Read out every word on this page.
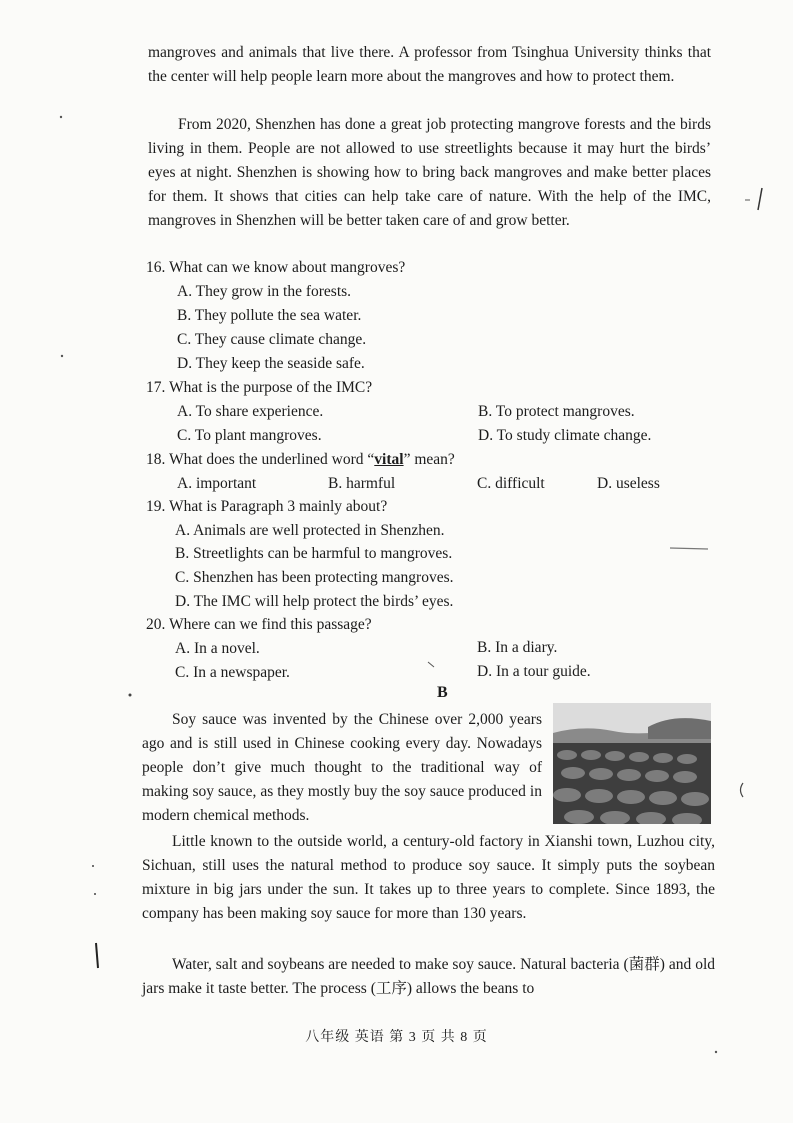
mangroves and animals that live there. A professor from Tsinghua University thinks that the center will help people learn more about the mangroves and how to protect them.

From 2020, Shenzhen has done a great job protecting mangrove forests and the birds living in them. People are not allowed to use streetlights because it may hurt the birds’ eyes at night. Shenzhen is showing how to bring back mangroves and make better places for them. It shows that cities can help take care of nature. With the help of the IMC, mangroves in Shenzhen will be better taken care of and grow better.

16. What can we know about mangroves?
A. They grow in the forests.
B. They pollute the sea water.
C. They cause climate change.
D. They keep the seaside safe.
17. What is the purpose of the IMC?
A. To share experience.	B. To protect mangroves.
C. To plant mangroves.	D. To study climate change.
18. What does the underlined word “vital” mean?
A. important	B. harmful	C. difficult	D. useless
19. What is Paragraph 3 mainly about?
A. Animals are well protected in Shenzhen.
B. Streetlights can be harmful to mangroves.
C. Shenzhen has been protecting mangroves.
D. The IMC will help protect the birds’ eyes.
20. Where can we find this passage?
A. In a novel.	B. In a diary.
C. In a newspaper.	D. In a tour guide.
B

Soy sauce was invented by the Chinese over 2,000 years ago and is still used in Chinese cooking every day. Nowadays people don’t give much thought to the traditional way of making soy sauce, as they mostly buy the soy sauce produced in modern chemical methods.

Little known to the outside world, a century-old factory in Xianshi town, Luzhou city, Sichuan, still uses the natural method to produce soy sauce. It simply puts the soybean mixture in big jars under the sun. It takes up to three years to complete. Since 1893, the company has been making soy sauce for more than 130 years.

Water, salt and soybeans are needed to make soy sauce. Natural bacteria (菌群) and old jars make it taste better. The process (工序) allows the beans to

八年级 英语 第 3 页 共 8 页
